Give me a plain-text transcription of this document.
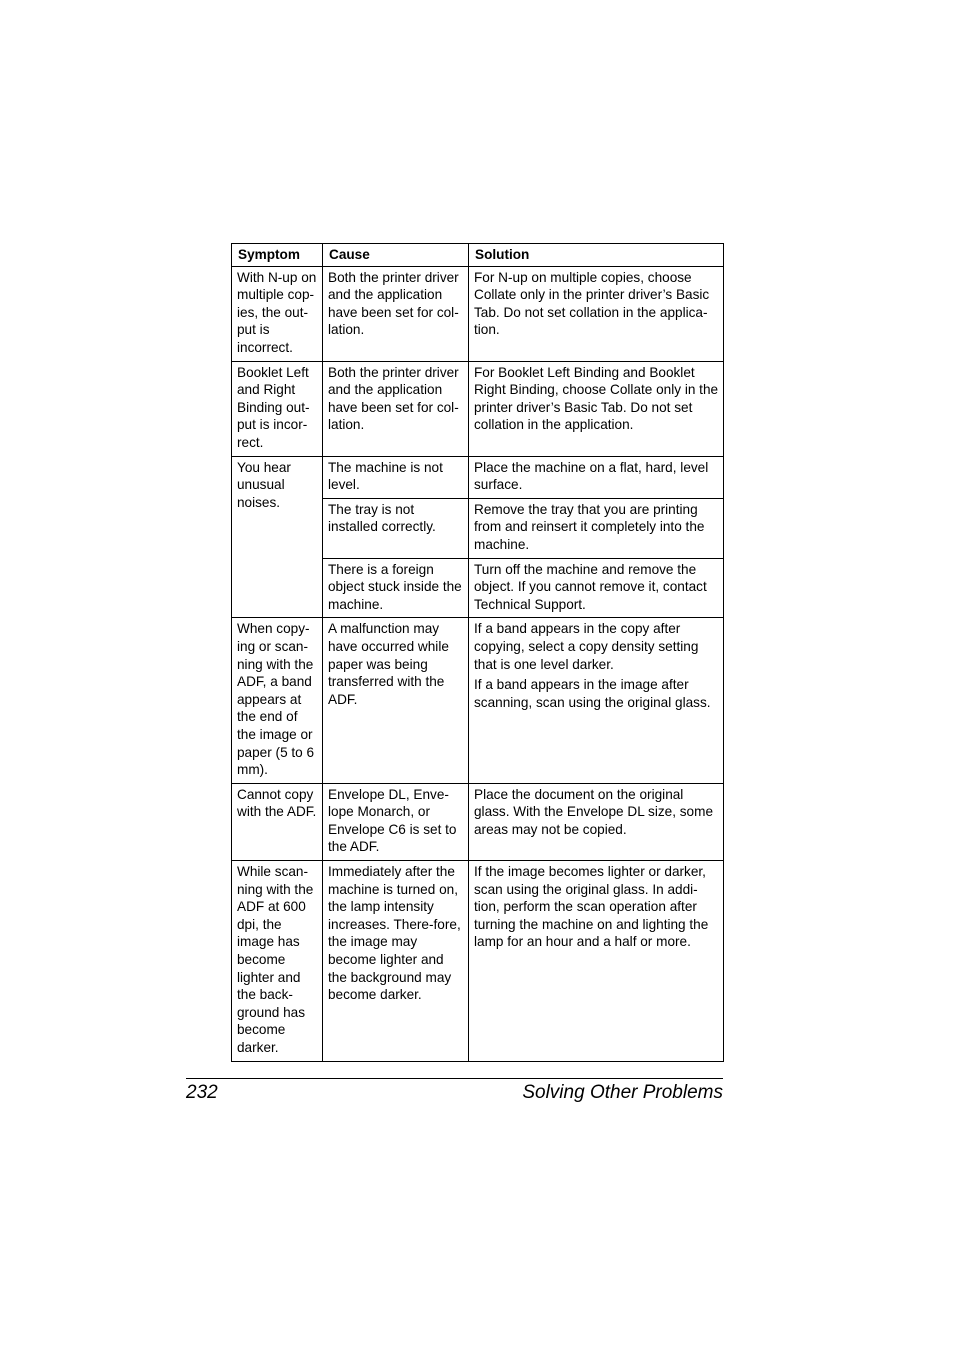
Symptom	Cause	Solution
With N-up on multiple cop-ies, the out-put is incorrect.	Both the printer driver and the application have been set for col-lation.	For N-up on multiple copies, choose Collate only in the printer driver’s Basic Tab. Do not set collation in the applica-tion.

Booklet Left and Right Binding out-put is incor-rect.	Both the printer driver and the application have been set for col-lation.	For Booklet Left Binding and Booklet Right Binding, choose Collate only in the printer driver’s Basic Tab. Do not set collation in the application.

You hear unusual noises.	The machine is not level.	Place the machine on a flat, hard, level surface.

	The tray is not installed correctly.	Remove the tray that you are printing from and reinsert it completely into the machine.

	There is a foreign object stuck inside the machine.	Turn off the machine and remove the object. If you cannot remove it, contact Technical Support.

When copy-ing or scan-ning with the ADF, a band appears at the end of the image or paper (5 to 6 mm).	A malfunction may have occurred while paper was being transferred with the ADF.	If a band appears in the copy after copying, select a copy density setting that is one level darker.
If a band appears in the image after scanning, scan using the original glass.

Cannot copy with the ADF.	Envelope DL, Enve-lope Monarch, or Envelope C6 is set to the ADF.	Place the document on the original glass. With the Envelope DL size, some areas may not be copied.

While scan-ning with the ADF at 600 dpi, the image has become lighter and the back-ground has become darker.	Immediately after the machine is turned on, the lamp intensity increases. There-fore, the image may become lighter and the background may become darker.	If the image becomes lighter or darker, scan using the original glass. In addi-tion, perform the scan operation after turning the machine on and lighting the lamp for an hour and a half or more.
232	Solving Other Problems
